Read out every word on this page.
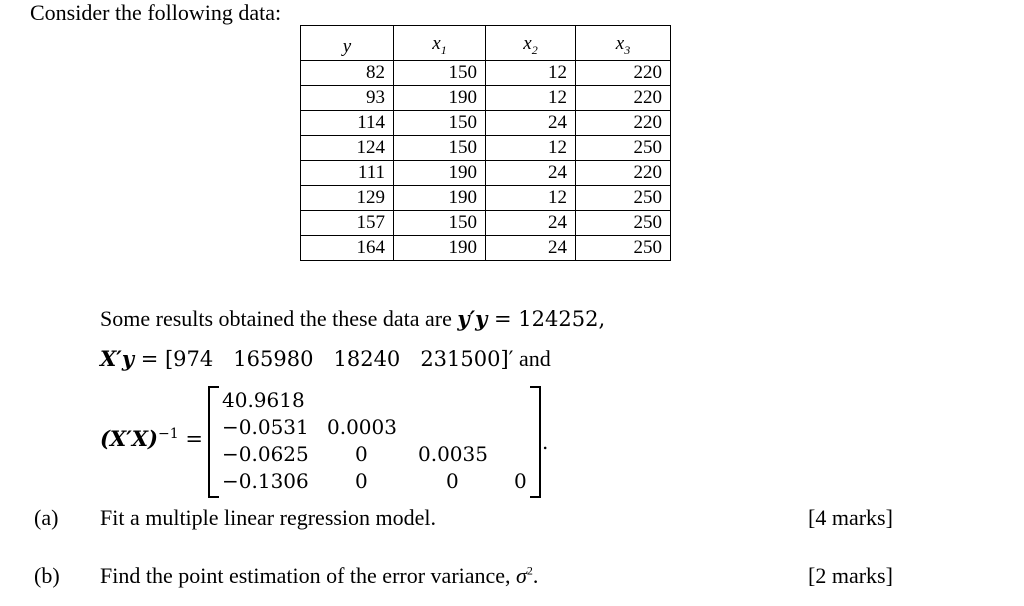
Consider the following data:
y	$x_1$	$x_2$	$x_3$
82	150	12	220
93	190	12	220
114	150	24	220
124	150	12	250
111	190	24	220
129	190	12	250
157	150	24	250
164	190	24	250
Some results obtained the these data are y′y = 124252,
X′y = [974   165980   18240   231500]′ and
$(X'X)^{-1}$ =
40.9618
−0.0531 0.0003
−0.0625 0	0.0035
−0.1306 0	0	0
.
(a) Fit a multiple linear regression model.	[4 marks]
(b) Find the point estimation of the error variance, $\sigma^2$.	[2 marks]
